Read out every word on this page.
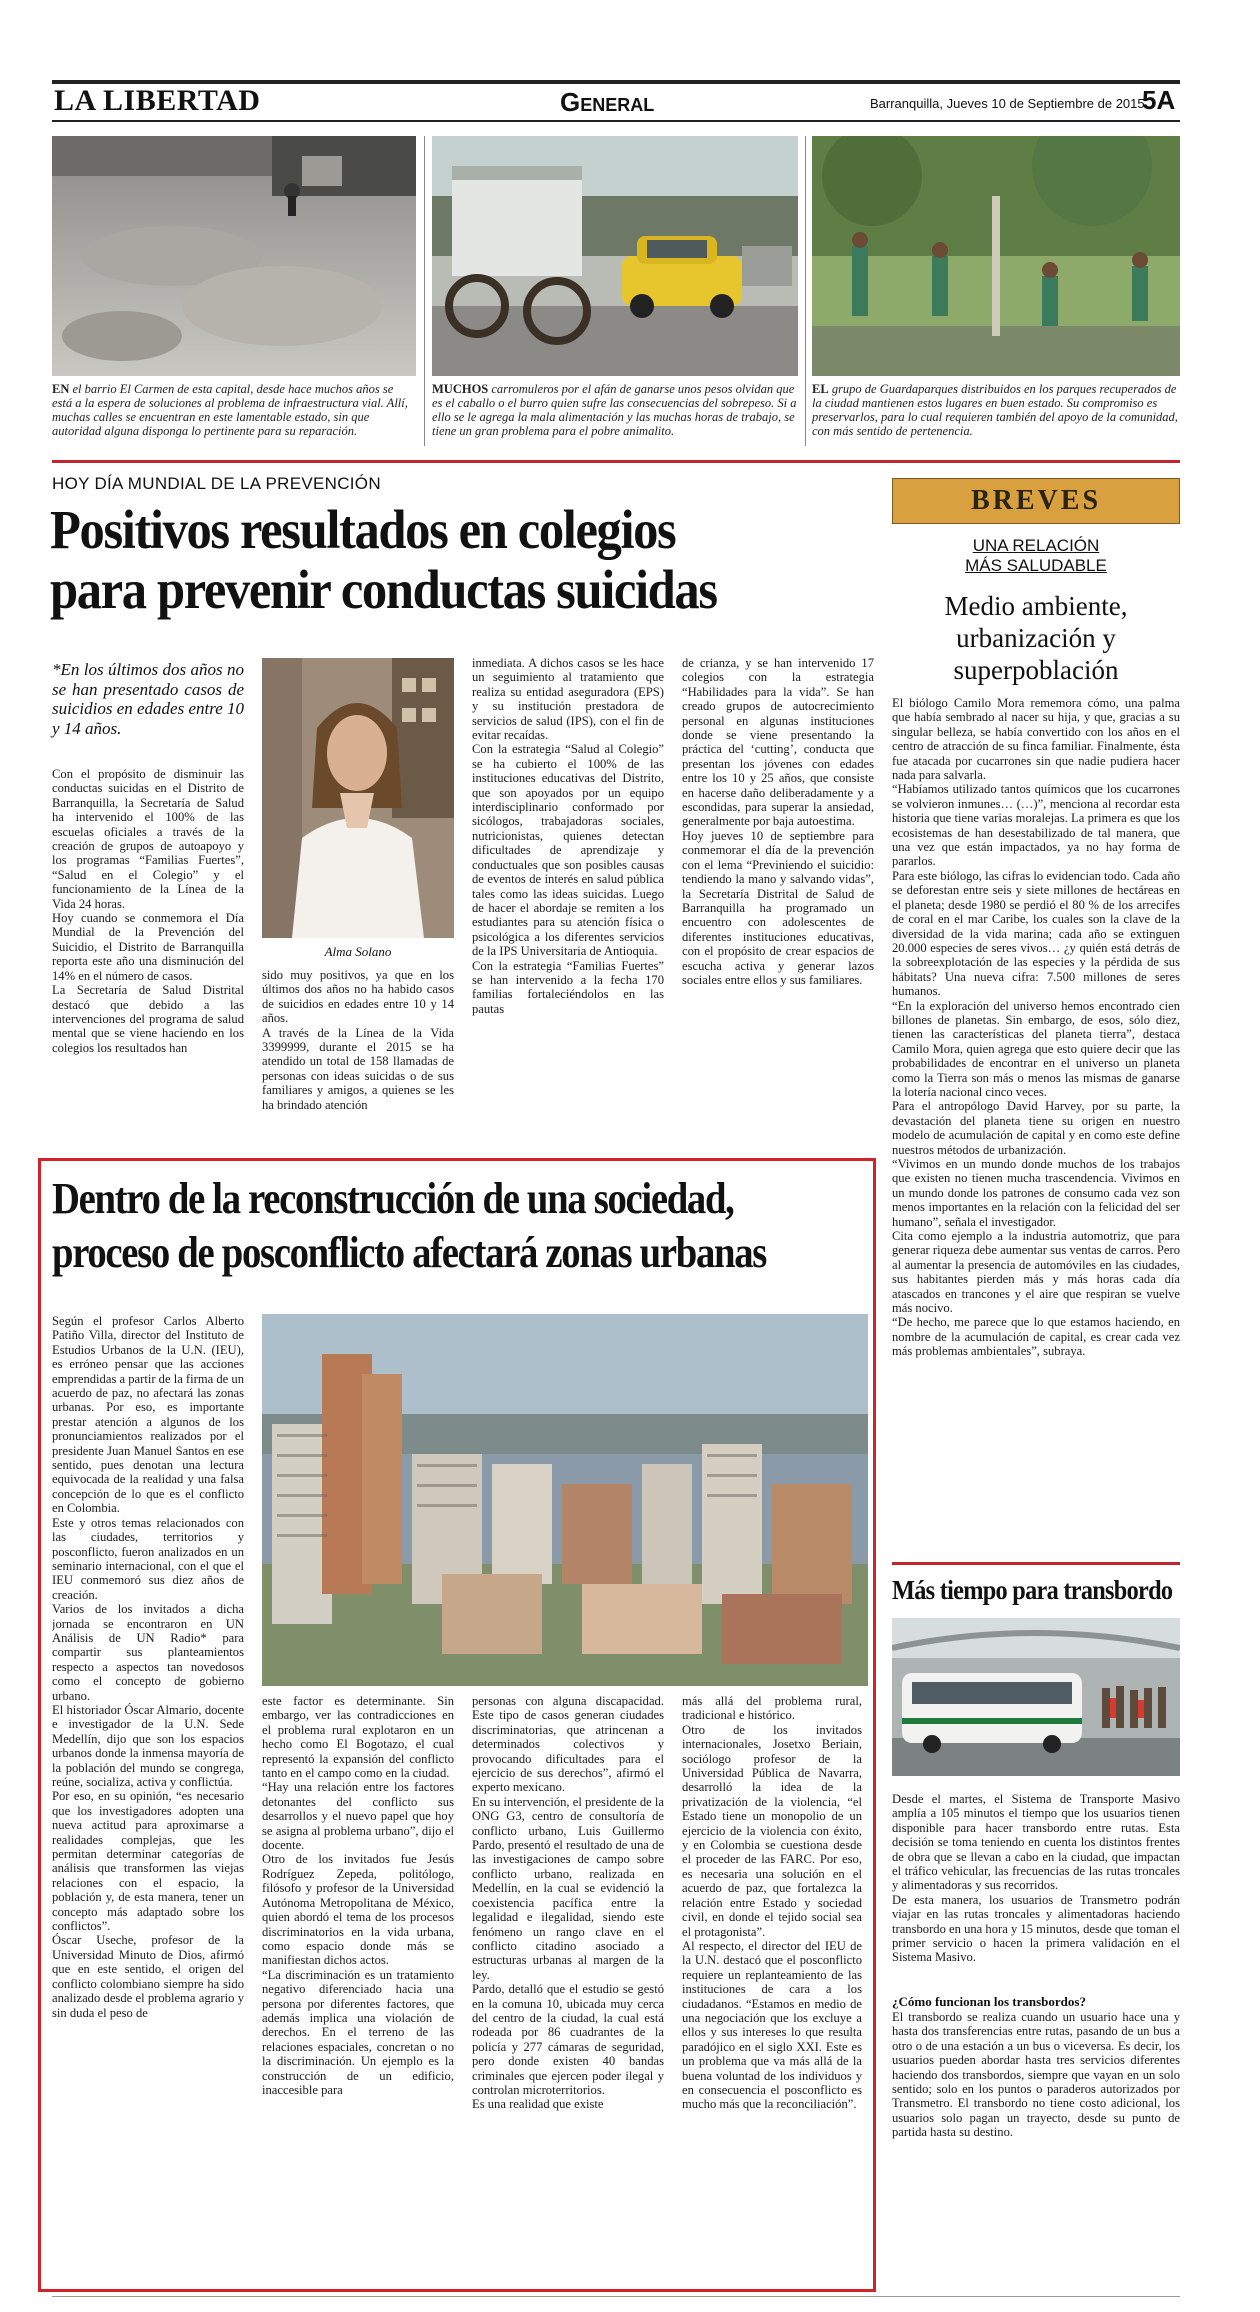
LA LIBERTAD	General	Barranquilla, Jueves 10 de Septiembre de 2015
5A
EN el barrio El Carmen de esta capital, desde hace muchos años se está a la espera de soluciones al problema de infraestructura vial. Allí, muchas calles se encuentran en este lamentable estado, sin que autoridad alguna disponga lo pertinente para su reparación.
MUCHOS carromuleros por el afán de ganarse unos pesos olvidan que es el caballo o el burro quien sufre las consecuencias del sobrepeso. Si a ello se le agrega la mala alimentación y las muchas horas de trabajo, se tiene un gran problema para el pobre animalito.
EL grupo de Guardaparques distribuidos en los parques recuperados de la ciudad mantienen estos lugares en buen estado. Su compromiso es preservarlos, para lo cual requieren también del apoyo de la comunidad, con más sentido de pertenencia.
HOY DÍA MUNDIAL DE LA PREVENCIÓN
Positivos resultados en colegios
para prevenir conductas suicidas
*En los últimos dos años no se han presentado casos de suicidios en edades entre 10 y 14 años.
Con el propósito de disminuir las conductas suicidas en el Distrito de Barranquilla, la Secretaría de Salud ha intervenido el 100% de las escuelas oficiales a través de la creación de grupos de autoapoyo y los programas “Familias Fuertes”, “Salud en el Colegio” y el funcionamiento de la Línea de la Vida 24 horas.
Hoy cuando se conmemora el Día Mundial de la Prevención del Suicidio, el Distrito de Barranquilla reporta este año una disminución del 14% en el número de casos.
La Secretaría de Salud Distrital destacó que debido a las intervenciones del programa de salud mental que se viene haciendo en los colegios los resultados han
Alma Solano
sido muy positivos, ya que en los últimos dos años no ha habido casos de suicidios en edades entre 10 y 14 años.
A través de la Línea de la Vida 3399999, durante el 2015 se ha atendido un total de 158 llamadas de personas con ideas suicidas o de sus familiares y amigos, a quienes se les ha brindado atención
inmediata. A dichos casos se les hace un seguimiento al tratamiento que realiza su entidad aseguradora (EPS) y su institución prestadora de servicios de salud (IPS), con el fin de evitar recaídas.
Con la estrategia “Salud al Colegio” se ha cubierto el 100% de las instituciones educativas del Distrito, que son apoyados por un equipo interdisciplinario conformado por sicólogos, trabajadoras sociales, nutricionistas, quienes detectan dificultades de aprendizaje y conductuales que son posibles causas de eventos de interés en salud pública tales como las ideas suicidas. Luego de hacer el abordaje se remiten a los estudiantes para su atención física o psicológica a los diferentes servicios de la IPS Universitaria de Antioquia.
Con la estrategia “Familias Fuertes” se han intervenido a la fecha 170 familias fortaleciéndolos en las pautas
de crianza, y se han intervenido 17 colegios con la estrategia “Habilidades para la vida”. Se han creado grupos de autocrecimiento personal en algunas instituciones donde se viene presentando la práctica del ‘cutting’, conducta que presentan los jóvenes con edades entre los 10 y 25 años, que consiste en hacerse daño deliberadamente y a escondidas, para superar la ansiedad, generalmente por baja autoestima.
Hoy jueves 10 de septiembre para conmemorar el día de la prevención con el lema “Previniendo el suicidio: tendiendo la mano y salvando vidas”, la Secretaría Distrital de Salud de Barranquilla ha programado un encuentro con adolescentes de diferentes instituciones educativas, con el propósito de crear espacios de escucha activa y generar lazos sociales entre ellos y sus familiares.
Dentro de la reconstrucción de una sociedad,
proceso de posconflicto afectará zonas urbanas
Según el profesor Carlos Alberto Patiño Villa, director del Instituto de Estudios Urbanos de la U.N. (IEU), es erróneo pensar que las acciones emprendidas a partir de la firma de un acuerdo de paz, no afectará las zonas urbanas. Por eso, es importante prestar atención a algunos de los pronunciamientos realizados por el presidente Juan Manuel Santos en ese sentido, pues denotan una lectura equivocada de la realidad y una falsa concepción de lo que es el conflicto en Colombia.
Este y otros temas relacionados con las ciudades, territorios y posconflicto, fueron analizados en un seminario internacional, con el que el IEU conmemoró sus diez años de creación.
Varios de los invitados a dicha jornada se encontraron en UN Análisis de UN Radio* para compartir sus planteamientos respecto a aspectos tan novedosos como el concepto de gobierno urbano.
El historiador Óscar Almario, docente e investigador de la U.N. Sede Medellín, dijo que son los espacios urbanos donde la inmensa mayoría de la población del mundo se congrega, reúne, socializa, activa y conflictúa.
Por eso, en su opinión, “es necesario que los investigadores adopten una nueva actitud para aproximarse a realidades complejas, que les permitan determinar categorías de análisis que transformen las viejas relaciones con el espacio, la población y, de esta manera, tener un concepto más adaptado sobre los conflictos”.
Óscar Useche, profesor de la Universidad Minuto de Dios, afirmó que en este sentido, el origen del conflicto colombiano siempre ha sido analizado desde el problema agrario y sin duda el peso de
este factor es determinante. Sin embargo, ver las contradicciones en el problema rural explotaron en un hecho como El Bogotazo, el cual representó la expansión del conflicto tanto en el campo como en la ciudad.
“Hay una relación entre los factores detonantes del conflicto sus desarrollos y el nuevo papel que hoy se asigna al problema urbano”, dijo el docente.
Otro de los invitados fue Jesús Rodríguez Zepeda, politólogo, filósofo y profesor de la Universidad Autónoma Metropolitana de México, quien abordó el tema de los procesos discriminatorios en la vida urbana, como espacio donde más se manifiestan dichos actos.
“La discriminación es un tratamiento negativo diferenciado hacia una persona por diferentes factores, que además implica una violación de derechos. En el terreno de las relaciones espaciales, concretan o no la discriminación. Un ejemplo es la construcción de un edificio, inaccesible para
personas con alguna discapacidad. Este tipo de casos generan ciudades discriminatorias, que atrincenan a determinados colectivos y provocando dificultades para el ejercicio de sus derechos”, afirmó el experto mexicano.
En su intervención, el presidente de la ONG G3, centro de consultoría de conflicto urbano, Luis Guillermo Pardo, presentó el resultado de una de las investigaciones de campo sobre conflicto urbano, realizada en Medellín, en la cual se evidenció la coexistencia pacífica entre la legalidad e ilegalidad, siendo este fenómeno un rango clave en el conflicto citadino asociado a estructuras urbanas al margen de la ley.
Pardo, detalló que el estudio se gestó en la comuna 10, ubicada muy cerca del centro de la ciudad, la cual está rodeada por 86 cuadrantes de la policía y 277 cámaras de seguridad, pero donde existen 40 bandas criminales que ejercen poder ilegal y controlan microterritorios.
Es una realidad que existe
más allá del problema rural, tradicional e histórico.
Otro de los invitados internacionales, Josetxo Beriain, sociólogo profesor de la Universidad Pública de Navarra, desarrolló la idea de la privatización de la violencia, “el Estado tiene un monopolio de un ejercicio de la violencia con éxito, y en Colombia se cuestiona desde el proceder de las FARC. Por eso, es necesaria una solución en el acuerdo de paz, que fortalezca la relación entre Estado y sociedad civil, en donde el tejido social sea el protagonista”.
Al respecto, el director del IEU de la U.N. destacó que el posconflicto requiere un replanteamiento de las instituciones de cara a los ciudadanos. “Estamos en medio de una negociación que los excluye a ellos y sus intereses lo que resulta paradójico en el siglo XXI. Este es un problema que va más allá de la buena voluntad de los individuos y en consecuencia el posconflicto es mucho más que la reconciliación”.
BREVES
UNA RELACIÓN
MÁS SALUDABLE
Medio ambiente,
urbanización y
superpoblación
El biólogo Camilo Mora rememora cómo, una palma que había sembrado al nacer su hija, y que, gracias a su singular belleza, se había convertido con los años en el centro de atracción de su finca familiar. Finalmente, ésta fue atacada por cucarrones sin que nadie pudiera hacer nada para salvarla.
“Habíamos utilizado tantos químicos que los cucarrones se volvieron inmunes… (…)”, menciona al recordar esta historia que tiene varias moralejas. La primera es que los ecosistemas de han desestabilizado de tal manera, que una vez que están impactados, ya no hay forma de pararlos.
Para este biólogo, las cifras lo evidencian todo. Cada año se deforestan entre seis y siete millones de hectáreas en el planeta; desde 1980 se perdió el 80 % de los arrecifes de coral en el mar Caribe, los cuales son la clave de la diversidad de la vida marina; cada año se extinguen 20.000 especies de seres vivos… ¿y quién está detrás de la sobreexplotación de las especies y la pérdida de sus hábitats? Una nueva cifra: 7.500 millones de seres humanos.
“En la exploración del universo hemos encontrado cien billones de planetas. Sin embargo, de esos, sólo diez, tienen las características del planeta tierra”, destaca Camilo Mora, quien agrega que esto quiere decir que las probabilidades de encontrar en el universo un planeta como la Tierra son más o menos las mismas de ganarse la lotería nacional cinco veces.
Para el antropólogo David Harvey, por su parte, la devastación del planeta tiene su origen en nuestro modelo de acumulación de capital y en como este define nuestros métodos de urbanización.
“Vivimos en un mundo donde muchos de los trabajos que existen no tienen mucha trascendencia. Vivimos en un mundo donde los patrones de consumo cada vez son menos importantes en la relación con la felicidad del ser humano”, señala el investigador.
Cita como ejemplo a la industria automotriz, que para generar riqueza debe aumentar sus ventas de carros. Pero al aumentar la presencia de automóviles en las ciudades, sus habitantes pierden más y más horas cada día atascados en trancones y el aire que respiran se vuelve más nocivo.
“De hecho, me parece que lo que estamos haciendo, en nombre de la acumulación de capital, es crear cada vez más problemas ambientales”, subraya.
Más tiempo para transbordo
Desde el martes, el Sistema de Transporte Masivo amplía a 105 minutos el tiempo que los usuarios tienen disponible para hacer transbordo entre rutas. Esta decisión se toma teniendo en cuenta los distintos frentes de obra que se llevan a cabo en la ciudad, que impactan el tráfico vehicular, las frecuencias de las rutas troncales y alimentadoras y sus recorridos.
De esta manera, los usuarios de Transmetro podrán viajar en las rutas troncales y alimentadoras haciendo transbordo en una hora y 15 minutos, desde que toman el primer servicio o hacen la primera validación en el Sistema Masivo.
¿Cómo funcionan los transbordos?
El transbordo se realiza cuando un usuario hace una y hasta dos transferencias entre rutas, pasando de un bus a otro o de una estación a un bus o viceversa. Es decir, los usuarios pueden abordar hasta tres servicios diferentes haciendo dos transbordos, siempre que vayan en un solo sentido; solo en los puntos o paraderos autorizados por Transmetro. El transbordo no tiene costo adicional, los usuarios solo pagan un trayecto, desde su punto de partida hasta su destino.
